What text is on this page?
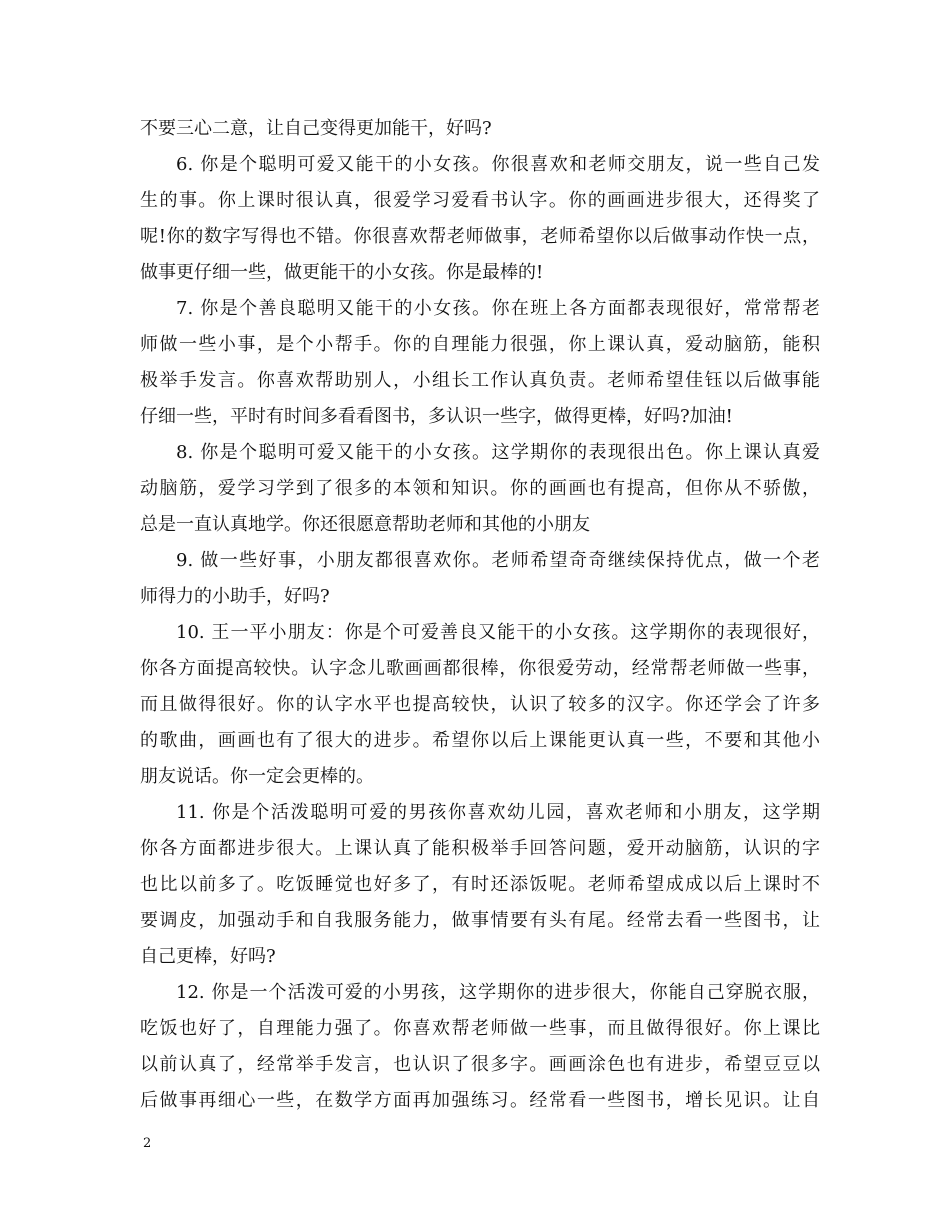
不要三心二意，让自己变得更加能干，好吗?
6. 你是个聪明可爱又能干的小女孩。你很喜欢和老师交朋友，说一些自己发
生的事。你上课时很认真，很爱学习爱看书认字。你的画画进步很大，还得奖了
呢!你的数字写得也不错。你很喜欢帮老师做事，老师希望你以后做事动作快一点，
做事更仔细一些，做更能干的小女孩。你是最棒的!
7. 你是个善良聪明又能干的小女孩。你在班上各方面都表现很好，常常帮老
师做一些小事，是个小帮手。你的自理能力很强，你上课认真，爱动脑筋，能积
极举手发言。你喜欢帮助别人，小组长工作认真负责。老师希望佳钰以后做事能
仔细一些，平时有时间多看看图书，多认识一些字，做得更棒，好吗?加油!
8. 你是个聪明可爱又能干的小女孩。这学期你的表现很出色。你上课认真爱
动脑筋，爱学习学到了很多的本领和知识。你的画画也有提高，但你从不骄傲，
总是一直认真地学。你还很愿意帮助老师和其他的小朋友
9. 做一些好事，小朋友都很喜欢你。老师希望奇奇继续保持优点，做一个老
师得力的小助手，好吗?
10. 王一平小朋友：你是个可爱善良又能干的小女孩。这学期你的表现很好，
你各方面提高较快。认字念儿歌画画都很棒，你很爱劳动，经常帮老师做一些事，
而且做得很好。你的认字水平也提高较快，认识了较多的汉字。你还学会了许多
的歌曲，画画也有了很大的进步。希望你以后上课能更认真一些，不要和其他小
朋友说话。你一定会更棒的。
11. 你是个活泼聪明可爱的男孩你喜欢幼儿园，喜欢老师和小朋友，这学期
你各方面都进步很大。上课认真了能积极举手回答问题，爱开动脑筋，认识的字
也比以前多了。吃饭睡觉也好多了，有时还添饭呢。老师希望成成以后上课时不
要调皮，加强动手和自我服务能力，做事情要有头有尾。经常去看一些图书，让
自己更棒，好吗?
12. 你是一个活泼可爱的小男孩，这学期你的进步很大，你能自己穿脱衣服，
吃饭也好了，自理能力强了。你喜欢帮老师做一些事，而且做得很好。你上课比
以前认真了，经常举手发言，也认识了很多字。画画涂色也有进步，希望豆豆以
后做事再细心一些，在数学方面再加强练习。经常看一些图书，增长见识。让自
2
